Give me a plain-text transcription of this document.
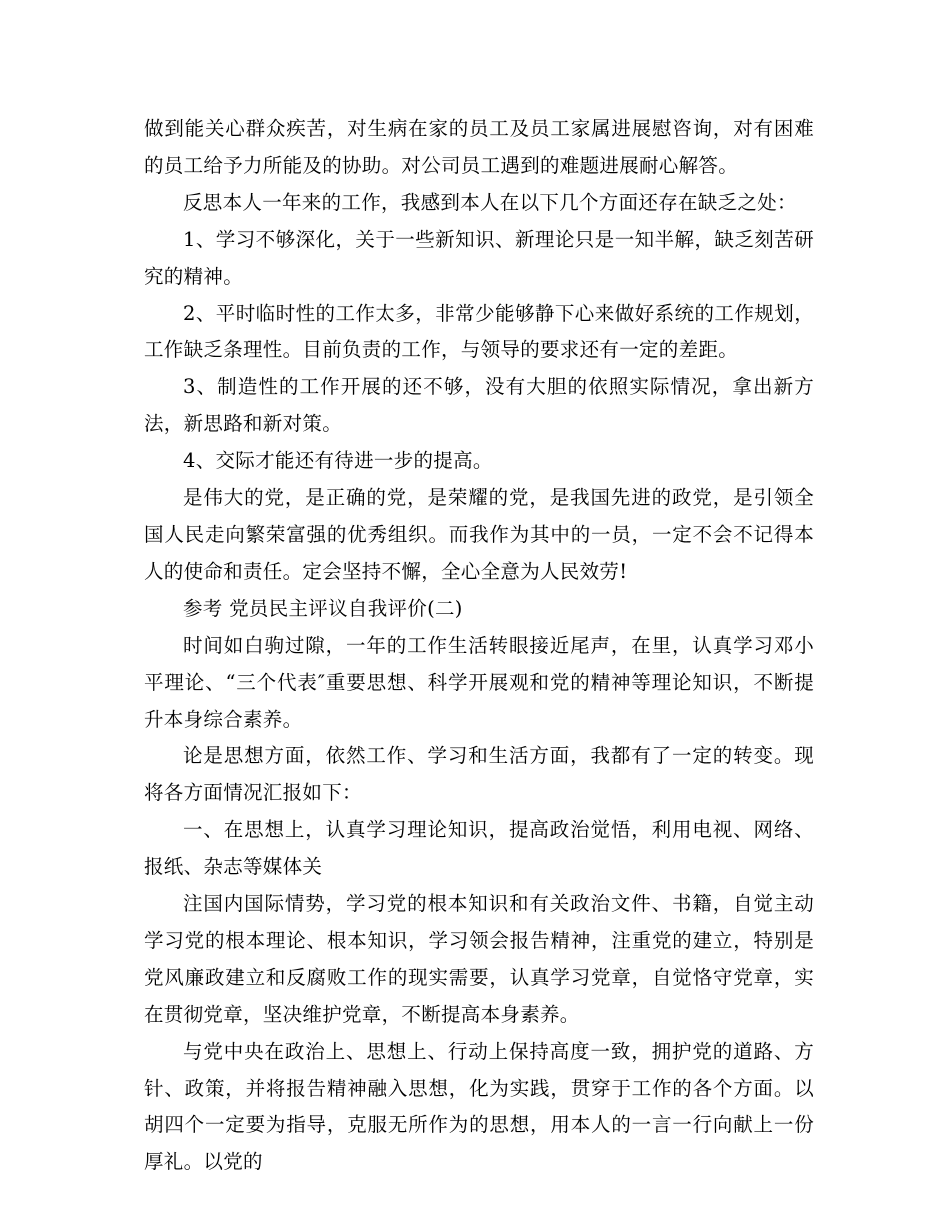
做到能关心群众疾苦，对生病在家的员工及员工家属进展慰咨询，对有困难的员工给予力所能及的协助。对公司员工遇到的难题进展耐心解答。

反思本人一年来的工作，我感到本人在以下几个方面还存在缺乏之处：

1、学习不够深化，关于一些新知识、新理论只是一知半解，缺乏刻苦研究的精神。

2、平时临时性的工作太多，非常少能够静下心来做好系统的工作规划，工作缺乏条理性。目前负责的工作，与领导的要求还有一定的差距。

3、制造性的工作开展的还不够，没有大胆的依照实际情况，拿出新方法，新思路和新对策。

4、交际才能还有待进一步的提高。

是伟大的党，是正确的党，是荣耀的党，是我国先进的政党，是引领全国人民走向繁荣富强的优秀组织。而我作为其中的一员，一定不会不记得本人的使命和责任。定会坚持不懈，全心全意为人民效劳!

参考 党员民主评议自我评价(二)

时间如白驹过隙，一年的工作生活转眼接近尾声，在里，认真学习邓小平理论、“三个代表″重要思想、科学开展观和党的精神等理论知识，不断提升本身综合素养。

论是思想方面，依然工作、学习和生活方面，我都有了一定的转变。现将各方面情况汇报如下：

一、在思想上，认真学习理论知识，提高政治觉悟，利用电视、网络、报纸、杂志等媒体关

注国内国际情势，学习党的根本知识和有关政治文件、书籍，自觉主动学习党的根本理论、根本知识，学习领会报告精神，注重党的建立，特别是党风廉政建立和反腐败工作的现实需要，认真学习党章，自觉恪守党章，实在贯彻党章，坚决维护党章，不断提高本身素养。

与党中央在政治上、思想上、行动上保持高度一致，拥护党的道路、方针、政策，并将报告精神融入思想，化为实践，贯穿于工作的各个方面。以胡四个一定要为指导，克服无所作为的思想，用本人的一言一行向献上一份厚礼。以党的
